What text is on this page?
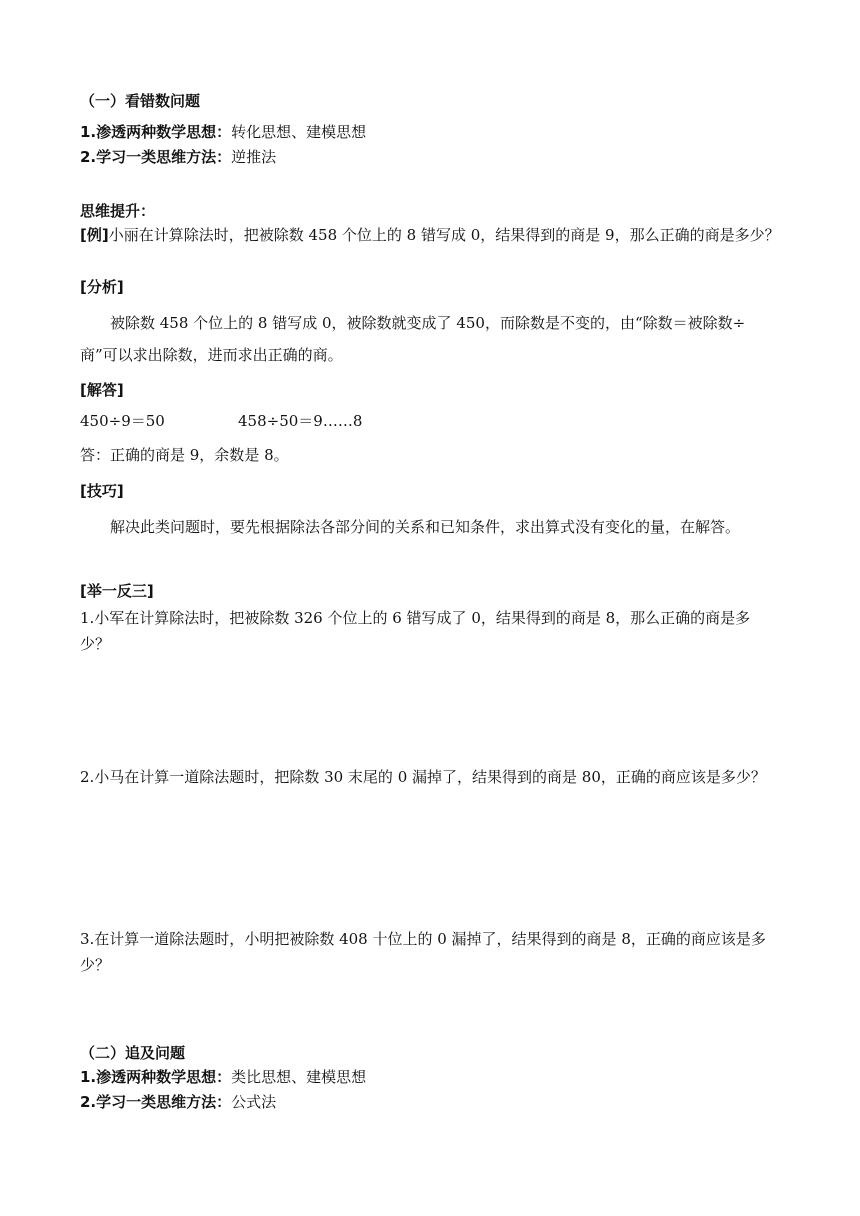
（一）看错数问题
1.渗透两种数学思想：转化思想、建模思想
2.学习一类思维方法：逆推法
思维提升：
[例]小丽在计算除法时，把被除数 458 个位上的 8 错写成 0，结果得到的商是 9，那么正确的商是多少？
[分析]
被除数 458 个位上的 8 错写成 0，被除数就变成了 450，而除数是不变的，由“除数＝被除数÷商”可以求出除数，进而求出正确的商。
[解答]
450÷9＝50	458÷50＝9……8
答：正确的商是 9，余数是 8。
[技巧]
解决此类问题时，要先根据除法各部分间的关系和已知条件，求出算式没有变化的量，在解答。
[举一反三]
1.小军在计算除法时，把被除数 326 个位上的 6 错写成了 0，结果得到的商是 8，那么正确的商是多少？
2.小马在计算一道除法题时，把除数 30 末尾的 0 漏掉了，结果得到的商是 80，正确的商应该是多少？
3.在计算一道除法题时，小明把被除数 408 十位上的 0 漏掉了，结果得到的商是 8，正确的商应该是多少？
（二）追及问题
1.渗透两种数学思想：类比思想、建模思想
2.学习一类思维方法：公式法
